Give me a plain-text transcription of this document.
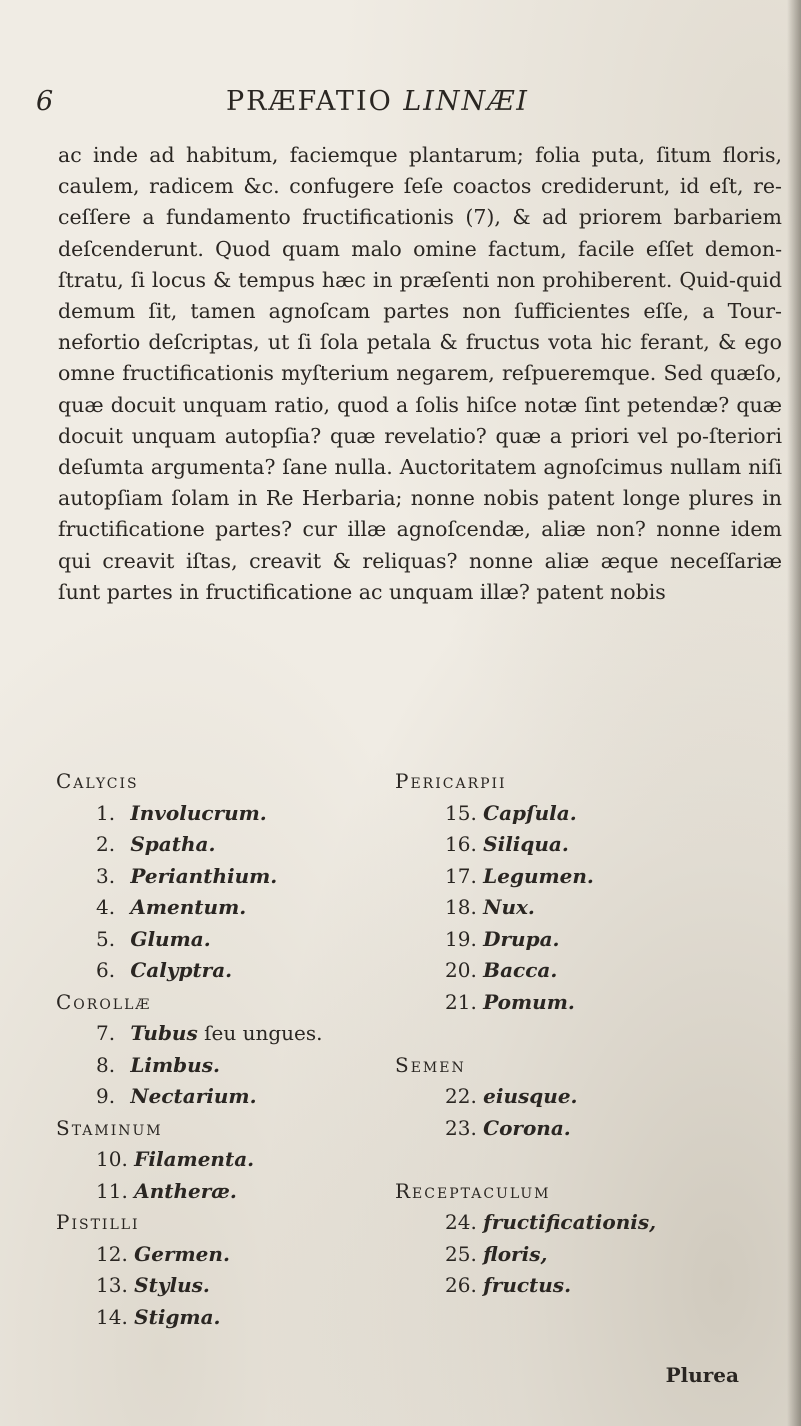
6	PRÆFATIO LINNÆI

ac inde ad habitum, faciemque plantarum; folia puta, ſitum floris, caulem, radicem &c. confugere ſeſe coactos crediderunt, id eſt, re-ceſſere a fundamento fructificationis (7), & ad priorem barbariem deſcenderunt. Quod quam malo omine factum, facile eſſet demon-ſtratu, ſi locus & tempus hæc in præſenti non prohiberent. Quid-quid demum ſit, tamen agnoſcam partes non ſufficientes eſſe, a Tour-nefortio deſcriptas, ut ſi ſola petala & fructus vota hic ferant, & ego omne fructificationis myſterium negarem, reſpueremque. Sed quæſo, quæ docuit unquam ratio, quod a ſolis hiſce notæ ſint petendæ? quæ docuit unquam autopſia? quæ revelatio? quæ a priori vel po-ſteriori deſumta argumenta? ſane nulla. Auctoritatem agnoſcimus nullam niſi autopſiam ſolam in Re Herbaria; nonne nobis patent longe plures in fructificatione partes? cur illæ agnoſcendæ, aliæ non? nonne idem qui creavit iſtas, creavit & reliquas? nonne aliæ æque neceſſariæ ſunt partes in fructificatione ac unquam illæ? patent nobis

Calycis
1. Involucrum.
2. Spatha.
3. Perianthium.
4. Amentum.
5. Gluma.
6. Calyptra.
Corollæ
7. Tubus ſeu ungues.
8. Limbus.
9. Nectarium.
Staminum
10. Filamenta.
11. Antheræ.
Pistilli
12. Germen.
13. Stylus.
14. Stigma.
Pericarpii
15. Capſula.
16. Siliqua.
17. Legumen.
18. Nux.
19. Drupa.
20. Bacca.
21. Pomum.
Semen
22. eiusque.
23. Corona.
Receptaculum
24. fructificationis,
25. floris,
26. fructus.
Plurea
